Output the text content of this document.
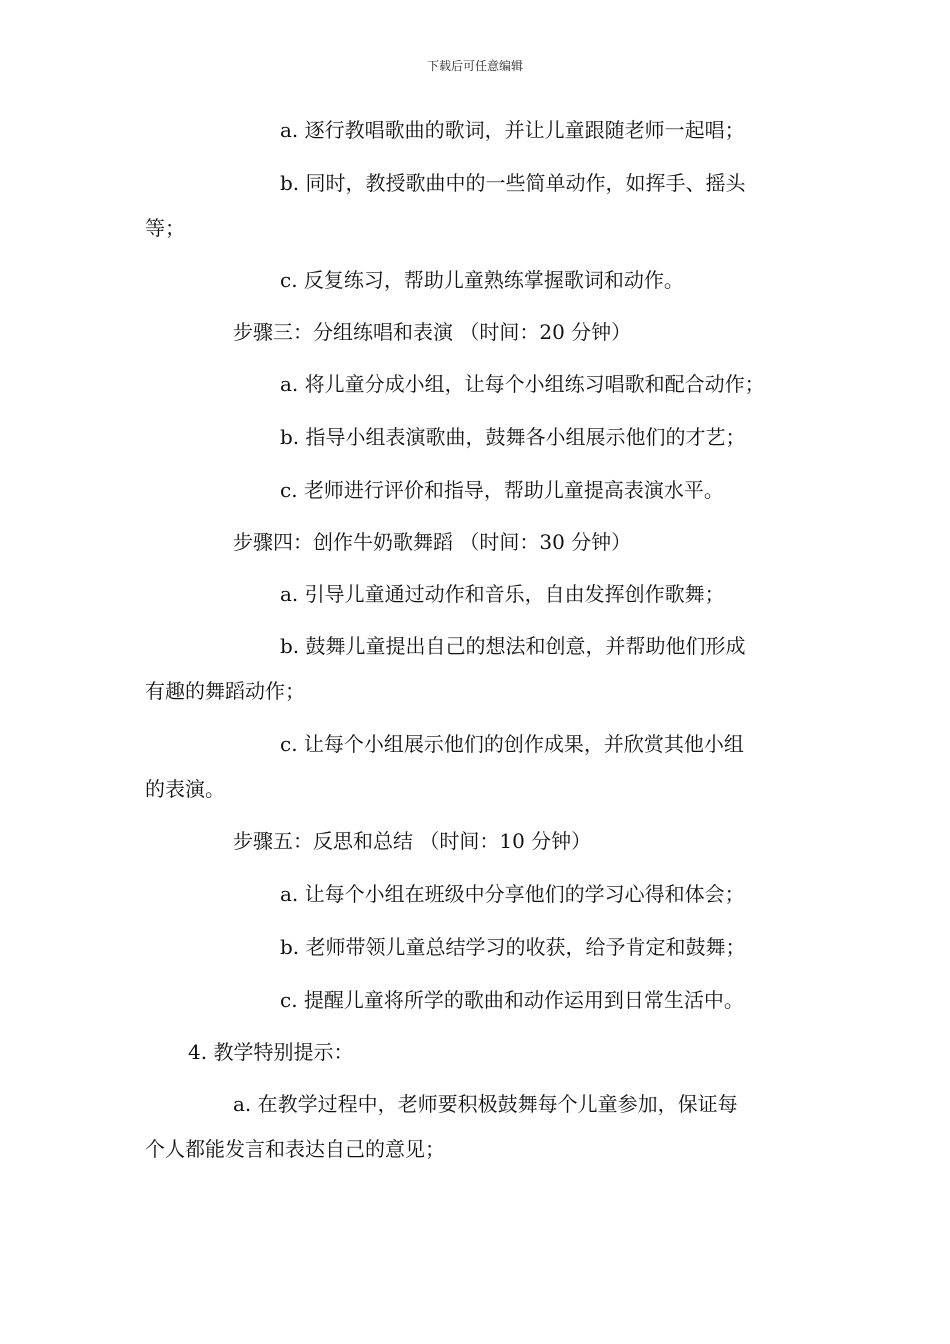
下载后可任意编辑
a. 逐行教唱歌曲的歌词，并让儿童跟随老师一起唱；
b. 同时，教授歌曲中的一些简单动作，如挥手、摇头
等；
c. 反复练习，帮助儿童熟练掌握歌词和动作。
步骤三：分组练唱和表演 （时间：20 分钟）
a. 将儿童分成小组，让每个小组练习唱歌和配合动作；
b. 指导小组表演歌曲，鼓舞各小组展示他们的才艺；
c. 老师进行评价和指导，帮助儿童提高表演水平。
步骤四：创作牛奶歌舞蹈 （时间：30 分钟）
a. 引导儿童通过动作和音乐，自由发挥创作歌舞；
b. 鼓舞儿童提出自己的想法和创意，并帮助他们形成
有趣的舞蹈动作；
c. 让每个小组展示他们的创作成果，并欣赏其他小组
的表演。
步骤五：反思和总结 （时间：10 分钟）
a. 让每个小组在班级中分享他们的学习心得和体会；
b. 老师带领儿童总结学习的收获，给予肯定和鼓舞；
c. 提醒儿童将所学的歌曲和动作运用到日常生活中。
4. 教学特别提示：
a. 在教学过程中，老师要积极鼓舞每个儿童参加，保证每
个人都能发言和表达自己的意见；
